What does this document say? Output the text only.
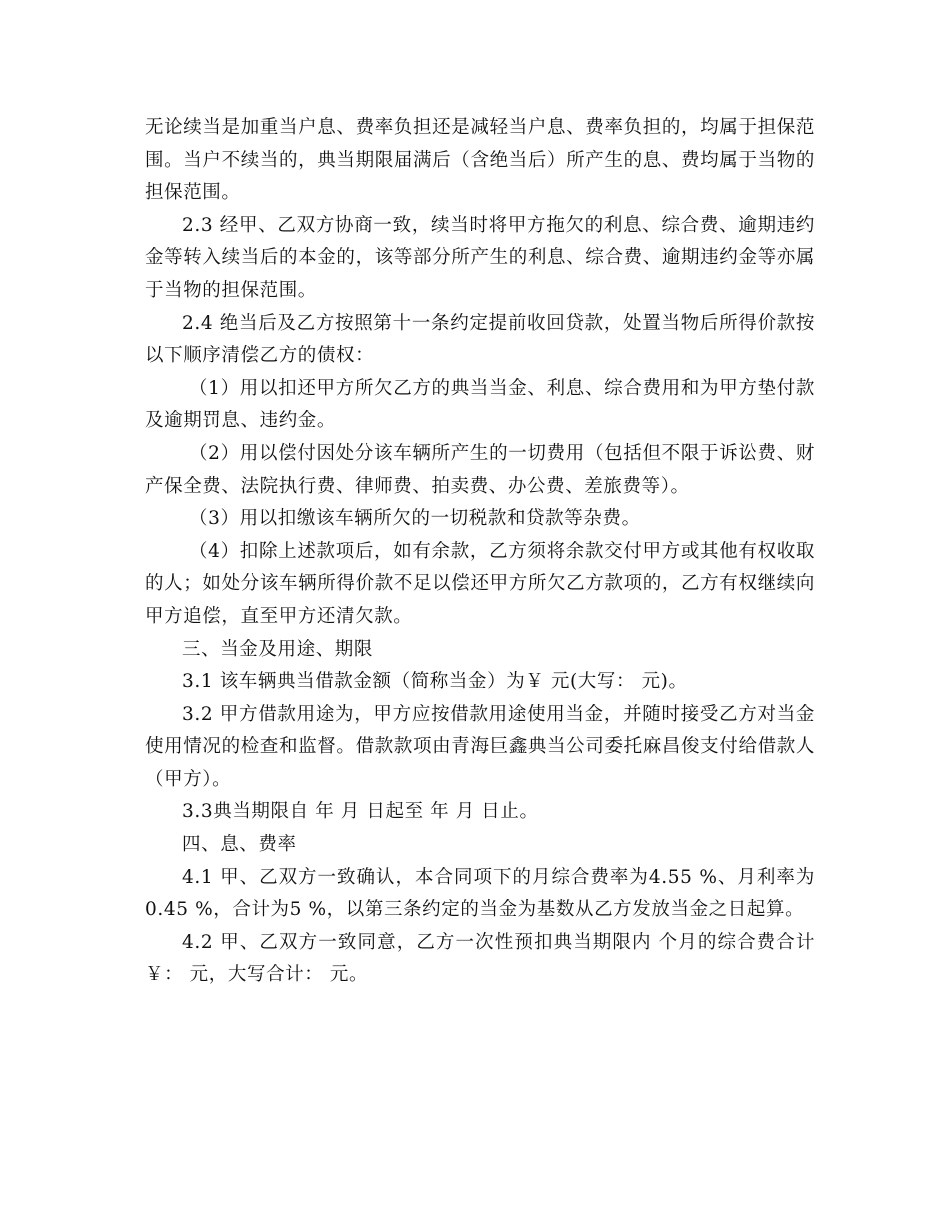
无论续当是加重当户息、费率负担还是减轻当户息、费率负担的，均属于担保范围。当户不续当的，典当期限届满后（含绝当后）所产生的息、费均属于当物的担保范围。

2.3 经甲、乙双方协商一致，续当时将甲方拖欠的利息、综合费、逾期违约金等转入续当后的本金的，该等部分所产生的利息、综合费、逾期违约金等亦属于当物的担保范围。

2.4 绝当后及乙方按照第十一条约定提前收回贷款，处置当物后所得价款按以下顺序清偿乙方的债权：

（1）用以扣还甲方所欠乙方的典当当金、利息、综合费用和为甲方垫付款及逾期罚息、违约金。

（2）用以偿付因处分该车辆所产生的一切费用（包括但不限于诉讼费、财产保全费、法院执行费、律师费、拍卖费、办公费、差旅费等）。

（3）用以扣缴该车辆所欠的一切税款和贷款等杂费。

（4）扣除上述款项后，如有余款，乙方须将余款交付甲方或其他有权收取的人；如处分该车辆所得价款不足以偿还甲方所欠乙方款项的，乙方有权继续向甲方追偿，直至甲方还清欠款。

三、当金及用途、期限

3.1 该车辆典当借款金额（简称当金）为￥ 元(大写： 元)。

3.2 甲方借款用途为，甲方应按借款用途使用当金，并随时接受乙方对当金使用情况的检查和监督。借款款项由青海巨鑫典当公司委托麻昌俊支付给借款人（甲方）。

3.3典当期限自 年 月 日起至 年 月 日止。

四、息、费率

4.1 甲、乙双方一致确认，本合同项下的月综合费率为4.55 %、月利率为0.45 %，合计为5 %，以第三条约定的当金为基数从乙方发放当金之日起算。

4.2 甲、乙双方一致同意，乙方一次性预扣典当期限内 个月的综合费合计￥： 元，大写合计： 元。
